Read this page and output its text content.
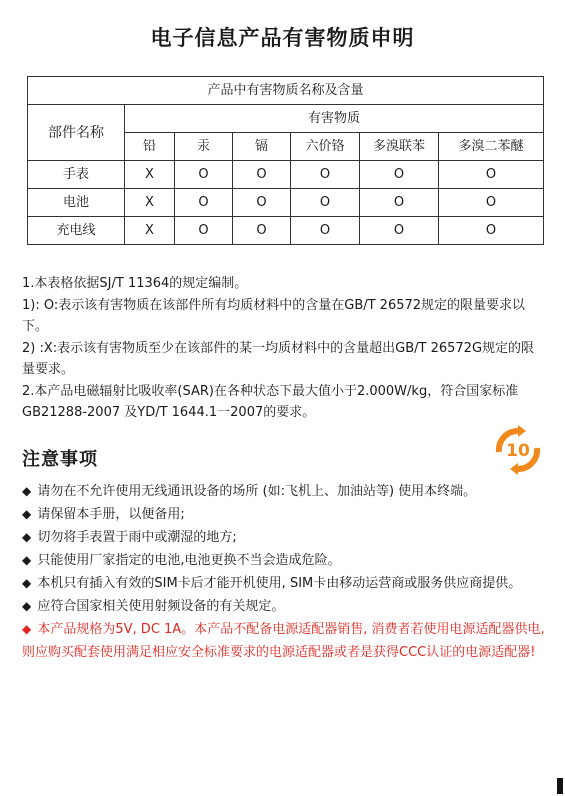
电子信息产品有害物质申明
产品中有害物质名称及含量						
部件名称	有害物质					
	铅	汞	镉	六价铬	多溴联苯	多溴二苯醚
手表	X	O	O	O	O	O
电池	X	O	O	O	O	O
充电线	X	O	O	O	O	O

1.本表格依据SJ/T 11364的规定编制。

1): O:表示该有害物质在该部件所有均质材料中的含量在GB/T 26572规定的限量要求以下。

2) :X:表示该有害物质至少在该部件的某一均质材料中的含量超出GB/T 26572G规定的限量要求。

2.本产品电磁辐射比吸收率(SAR)在各种状态下最大值小于2.000W/kg，符合国家标准GB21288-2007 及YD/T 1644.1一2007的要求。

10
注意事项

◆ 请勿在不允许使用无线通讯设备的场所 (如:飞机上、加油站等) 使用本终端。

◆ 请保留本手册，以便备用;

◆ 切勿将手表置于雨中或潮湿的地方;

◆ 只能使用厂家指定的电池,电池更换不当会造成危险。

◆ 本机只有插入有效的SIM卡后才能开机使用, SIM卡由移动运营商或服务供应商提供。

◆ 应符合国家相关使用射频设备的有关规定。

◆ 本产品规格为5V, DC 1A。本产品不配备电源适配器销售, 消费者若使用电源适配器供电, 则应购买配套使用满足相应安全标准要求的电源适配器或者是获得CCC认证的电源适配器!
